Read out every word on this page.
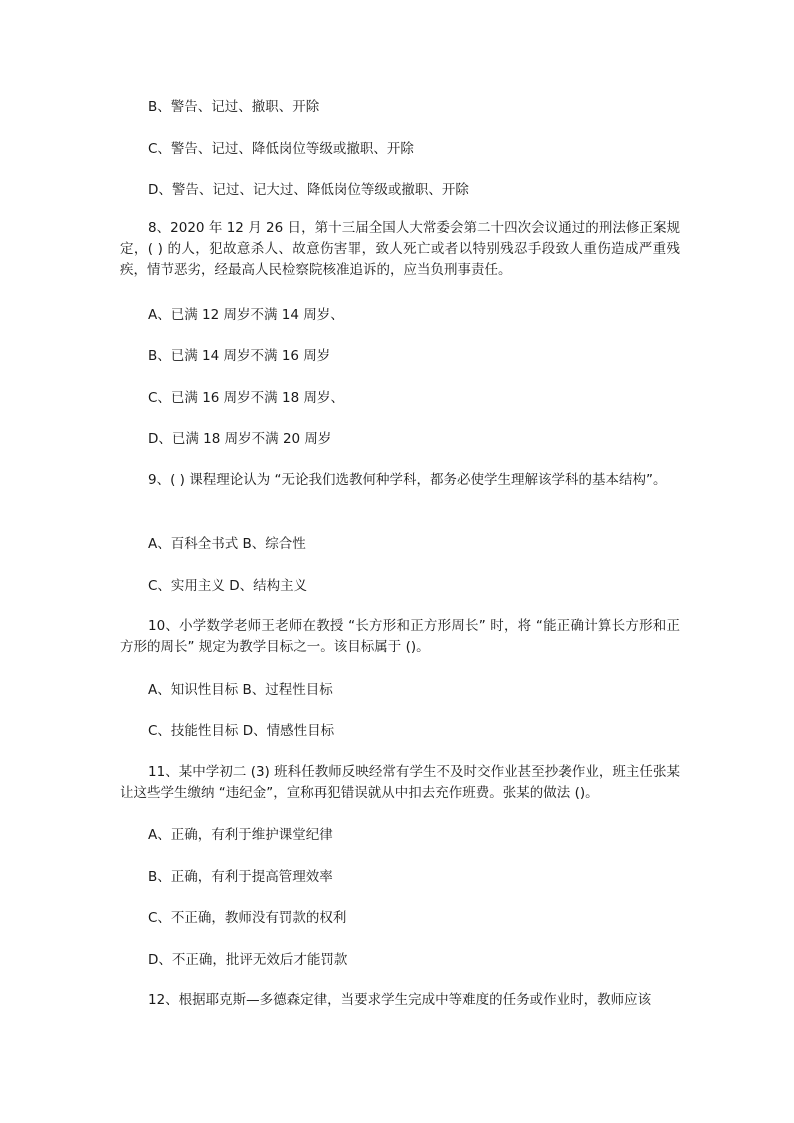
B、警告、记过、撤职、开除

C、警告、记过、降低岗位等级或撤职、开除

D、警告、记过、记大过、降低岗位等级或撤职、开除

8、2020 年 12 月 26 日，第十三届全国人大常委会第二十四次会议通过的刑法修正案规定，( ) 的人，犯故意杀人、故意伤害罪，致人死亡或者以特别残忍手段致人重伤造成严重残疾，情节恶劣，经最高人民检察院核准追诉的，应当负刑事责任。

A、已满 12 周岁不满 14 周岁、

B、已满 14 周岁不满 16 周岁

C、已满 16 周岁不满 18 周岁、

D、已满 18 周岁不满 20 周岁

9、( ) 课程理论认为 “无论我们选教何种学科，都务必使学生理解该学科的基本结构”。

A、百科全书式 B、综合性

C、实用主义 D、结构主义

10、小学数学老师王老师在教授 “长方形和正方形周长” 时，将 “能正确计算长方形和正方形的周长” 规定为教学目标之一。该目标属于 ()。

A、知识性目标 B、过程性目标

C、技能性目标 D、情感性目标

11、某中学初二 (3) 班科任教师反映经常有学生不及时交作业甚至抄袭作业，班主任张某让这些学生缴纳 “违纪金”，宣称再犯错误就从中扣去充作班费。张某的做法 ()。

A、正确，有利于维护课堂纪律

B、正确，有利于提高管理效率

C、不正确，教师没有罚款的权利

D、不正确，批评无效后才能罚款

12、根据耶克斯—多德森定律，当要求学生完成中等难度的任务或作业时，教师应该
